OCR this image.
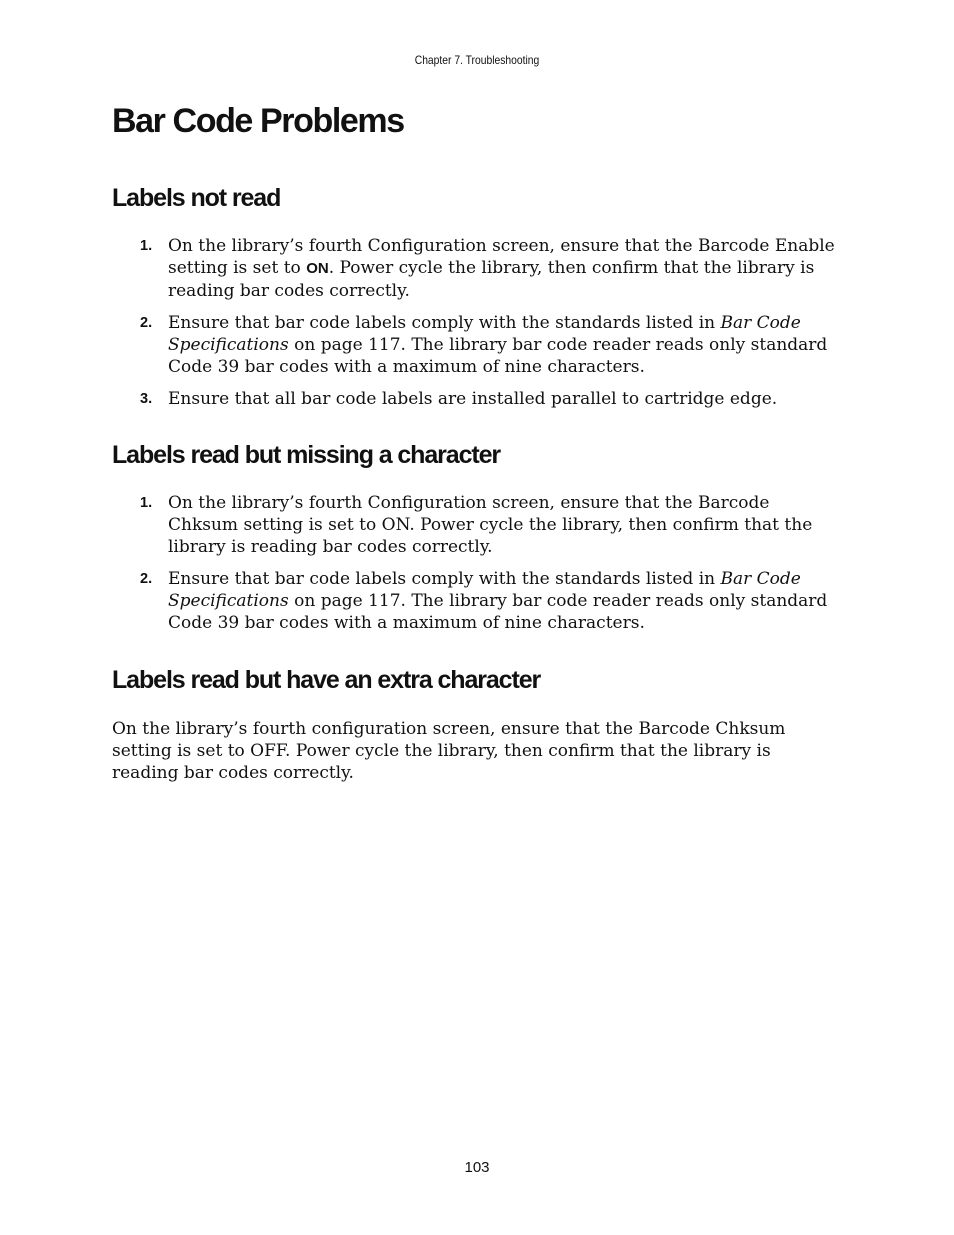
Chapter 7. Troubleshooting
Bar Code Problems
Labels not read
1. On the library’s fourth Configuration screen, ensure that the Barcode Enable setting is set to ON. Power cycle the library, then confirm that the library is reading bar codes correctly.
2. Ensure that bar code labels comply with the standards listed in Bar Code Specifications on page 117. The library bar code reader reads only standard Code 39 bar codes with a maximum of nine characters.
3. Ensure that all bar code labels are installed parallel to cartridge edge.
Labels read but missing a character
1. On the library’s fourth Configuration screen, ensure that the Barcode Chksum setting is set to ON. Power cycle the library, then confirm that the library is reading bar codes correctly.
2. Ensure that bar code labels comply with the standards listed in Bar Code Specifications on page 117. The library bar code reader reads only standard Code 39 bar codes with a maximum of nine characters.
Labels read but have an extra character

On the library’s fourth configuration screen, ensure that the Barcode Chksum setting is set to OFF. Power cycle the library, then confirm that the library is reading bar codes correctly.

103
